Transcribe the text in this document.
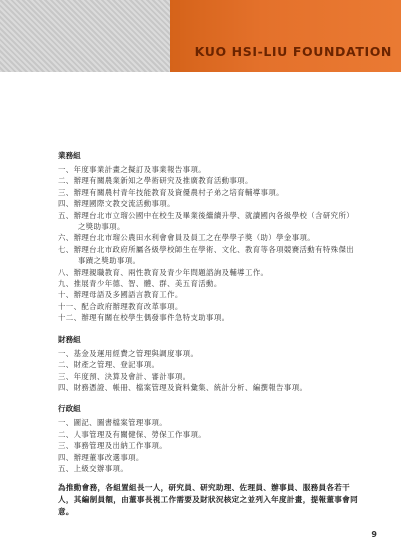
KUO HSI-LIU FOUNDATION
業務組
一、年度事業計畫之擬訂及事業報告事項。
二、辦理有關農業新知之學術研究及推廣教育活動事項。
三、辦理有關農村青年技能教育及資優農村子弟之培育輔導事項。
四、辦理國際文教交流活動事項。
五、辦理台北市立瑠公國中在校生及畢業後繼續升學、就讀國內各級學校（含研究所）之獎助事項。
六、辦理台北市瑠公農田水利會會員及員工之在學學子獎（助）學金事項。
七、辦理台北市政府所屬各級學校師生在學術、文化、教育等各項競賽活動有特殊傑出事蹟之獎助事項。
八、辦理親職教育、兩性教育及青少年問題諮詢及輔導工作。
九、推展青少年德、智、體、群、美五育活動。
十、辦理母語及多國語言教育工作。
十一、配合政府辦理教育改革事項。
十二、辦理有關在校學生偶發事件急特支助事項。
財務組
一、基金及運用經費之管理與調度事項。
二、財產之管理、登記事項。
三、年度預、決算及會計、審計事項。
四、財務憑證、帳冊、檔案管理及資料彙集、統計分析、編撰報告事項。
行政組
一、圖記、圖書檔案管理事項。
二、人事管理及有關健保、勞保工作事項。
三、事務管理及出納工作事項。
四、辦理董事改選事項。
五、上級交辦事項。
為推動會務，各組置組長一人，研究員、研究助理、佐理員、辦事員、服務員各若干人，其編制員額，由董事長視工作需要及財狀況核定之並列入年度計畫，提報董事會同意。
9
